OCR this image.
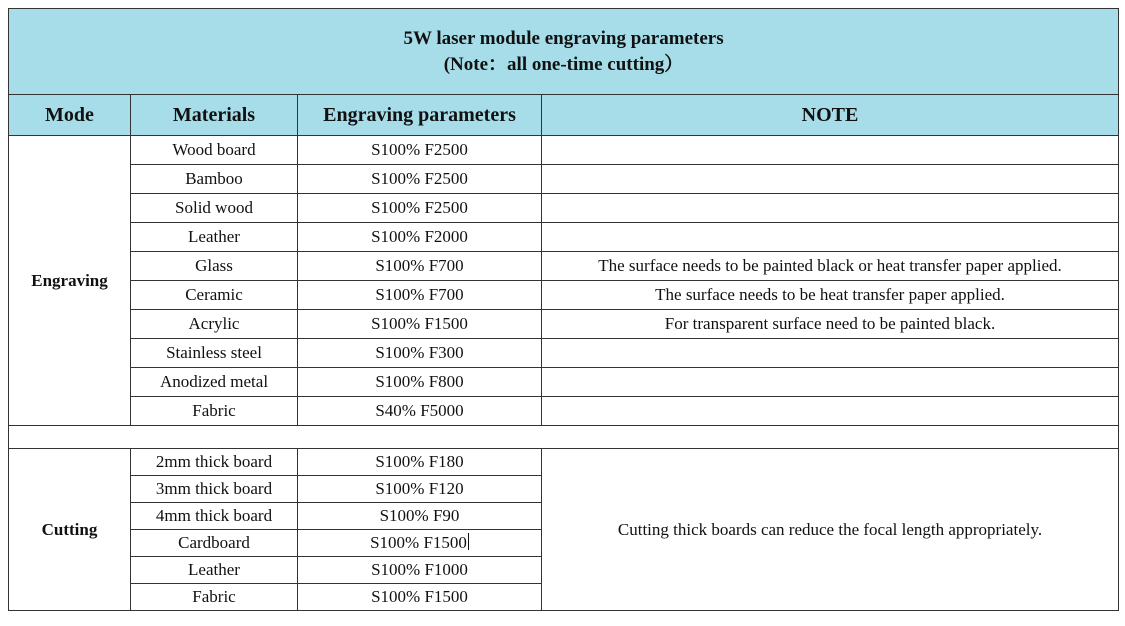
5W laser module engraving parameters
(Note：all one-time cutting）			

Mode	Materials	Engraving parameters	NOTE
Engraving	Wood board	S100% F2500	
	Bamboo	S100% F2500	
	Solid wood	S100% F2500	
	Leather	S100% F2000	
	Glass	S100% F700	The surface needs to be painted black or heat transfer paper applied.
	Ceramic	S100% F700	The surface needs to be heat transfer paper applied.
	Acrylic	S100% F1500	For transparent surface need to be painted black.
	Stainless steel	S100% F300	
	Anodized metal	S100% F800	
	Fabric	S40% F5000	

Cutting	2mm thick board	S100% F180	Cutting thick boards can reduce the focal length appropriately.
	3mm thick board	S100% F120	
	4mm thick board	S100% F90	
	Cardboard	S100% F1500	
	Leather	S100% F1000	
	Fabric	S100% F1500	
